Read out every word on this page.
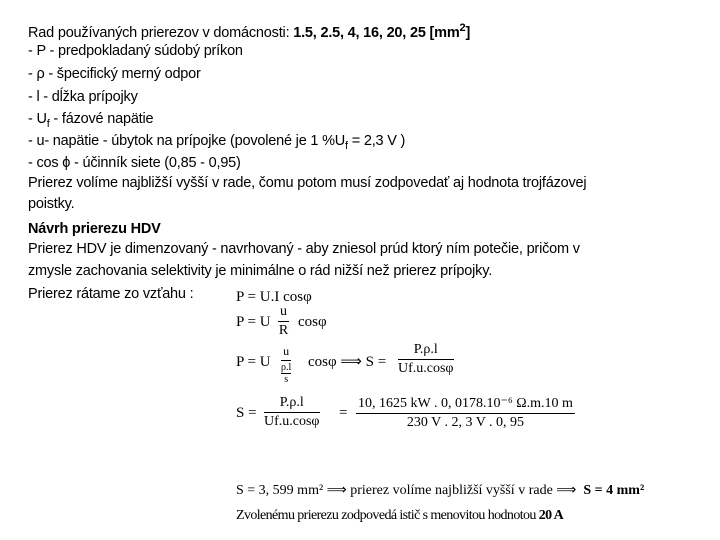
Rad používaných prierezov v domácnosti: 1.5, 2.5, 4, 16, 20, 25 $[mm^2]$
- P - predpokladaný súdobý príkon
- ρ - špecifický merný odpor
- l - dĺžka prípojky
- $U_f$ - fázové napätie
- u- napätie - úbytok na prípojke (povolené je 1 $\%U_f = 2,3$ V )
- cos ϕ - účinník siete (0,85 - 0,95)
Prierez volíme najbližší vyšší v rade, čomu potom musí zodpovedať aj hodnota trojfázovej
poistky.
Návrh prierezu HDV
Prierez HDV je dimenzovaný - navrhovaný - aby zniesol prúd ktorý ním potečie, pričom v
zmysle zachovania selektivity je minimálne o rád nižší než prierez prípojky.
Prierez rátame zo vzťahu :	P = U.I cosφ
P = U $\frac{u}{R}$ cosφ
P = U
u
ρ.l
s
cosφ ⟹ $S = \frac{P.\rho.l}{Uf.u.\cos\varphi}$
$S = \frac{P.\rho.l}{Uf.u.\cos\varphi} = \frac{\text{10, 1625 kW . 0, 0178.10⁻⁶ Ω.m.10 m}}{230 V . 2, 3 V . 0, 95}$
S = 3, 599 mm² ⟹ prierez volíme najbližší vyšší v rade ⟹ S = 4 mm²
Zvolenému prierezu zodpovedá istič s menovitou hodnotou 20 A
